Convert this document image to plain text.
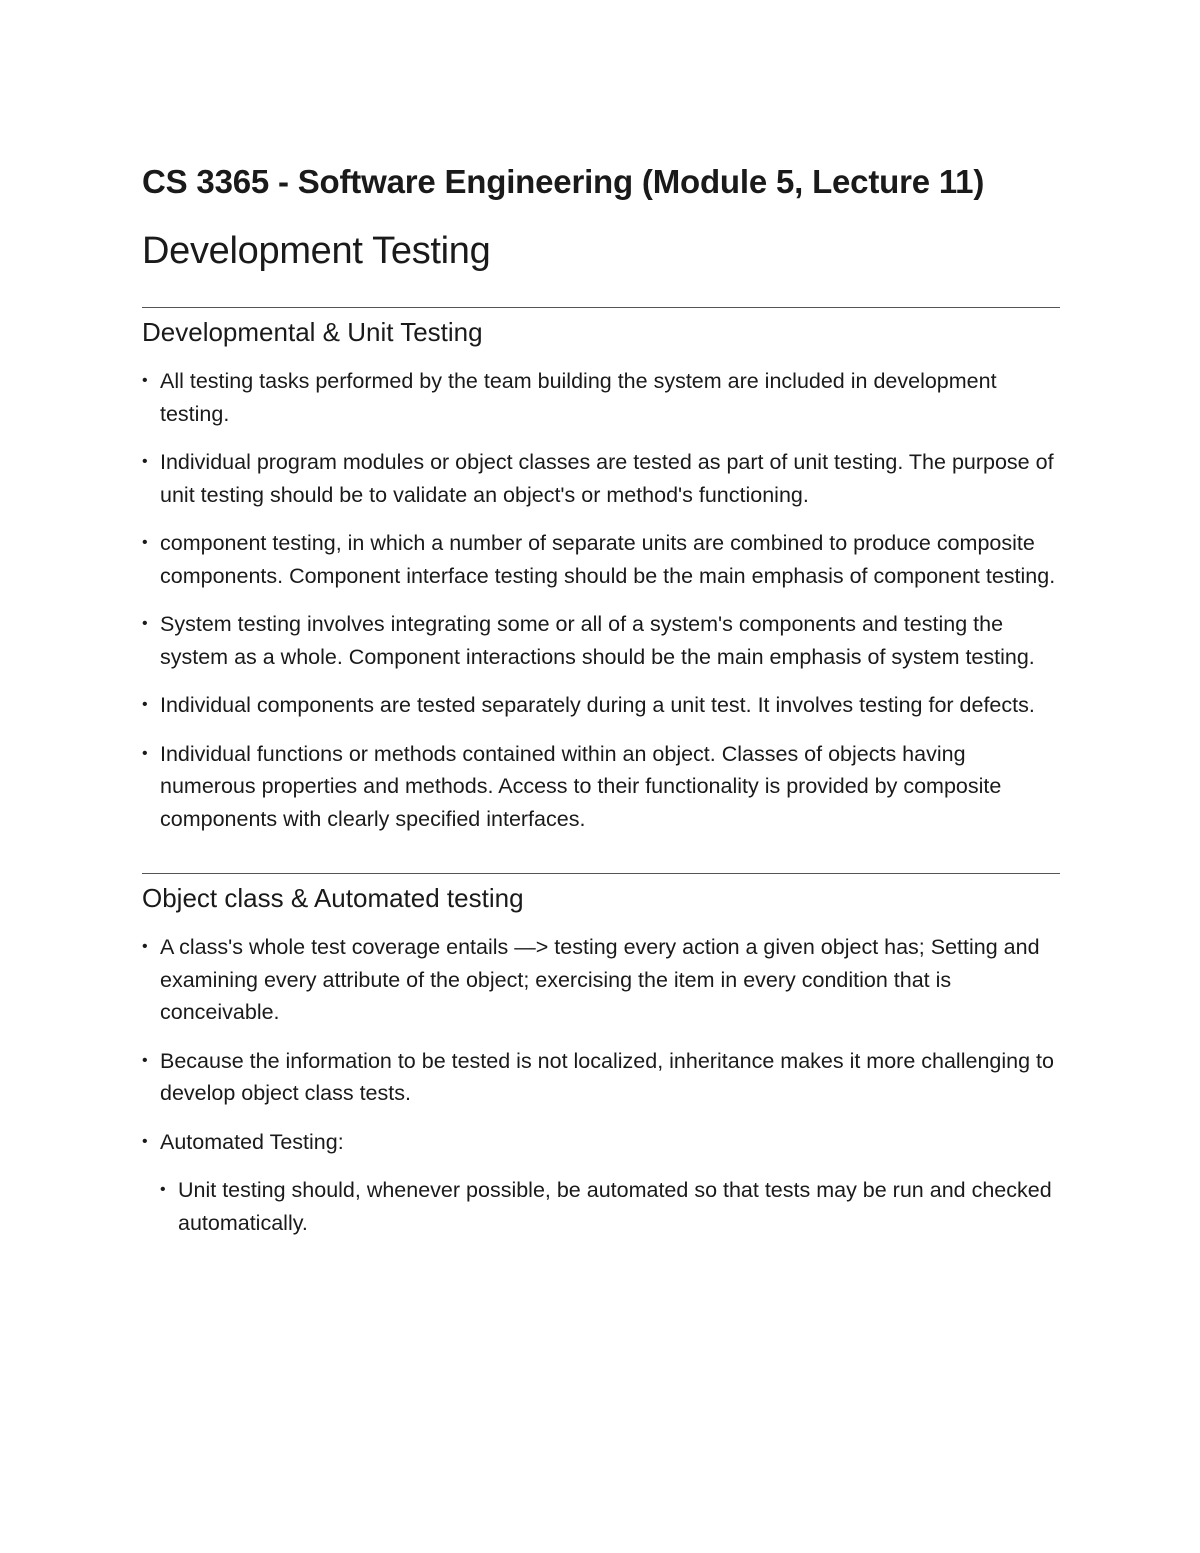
CS 3365 - Software Engineering (Module 5, Lecture 11)
Development Testing
Developmental & Unit Testing
• All testing tasks performed by the team building the system are included in development testing.
• Individual program modules or object classes are tested as part of unit testing. The purpose of unit testing should be to validate an object's or method's functioning.
• component testing, in which a number of separate units are combined to produce composite components. Component interface testing should be the main emphasis of component testing.
• System testing involves integrating some or all of a system's components and testing the system as a whole. Component interactions should be the main emphasis of system testing.
• Individual components are tested separately during a unit test. It involves testing for defects.
• Individual functions or methods contained within an object. Classes of objects having numerous properties and methods. Access to their functionality is provided by composite components with clearly specified interfaces.
Object class & Automated testing
• A class's whole test coverage entails —> testing every action a given object has; Setting and examining every attribute of the object; exercising the item in every condition that is conceivable.
• Because the information to be tested is not localized, inheritance makes it more challenging to develop object class tests.
• Automated Testing:
• Unit testing should, whenever possible, be automated so that tests may be run and checked automatically.
